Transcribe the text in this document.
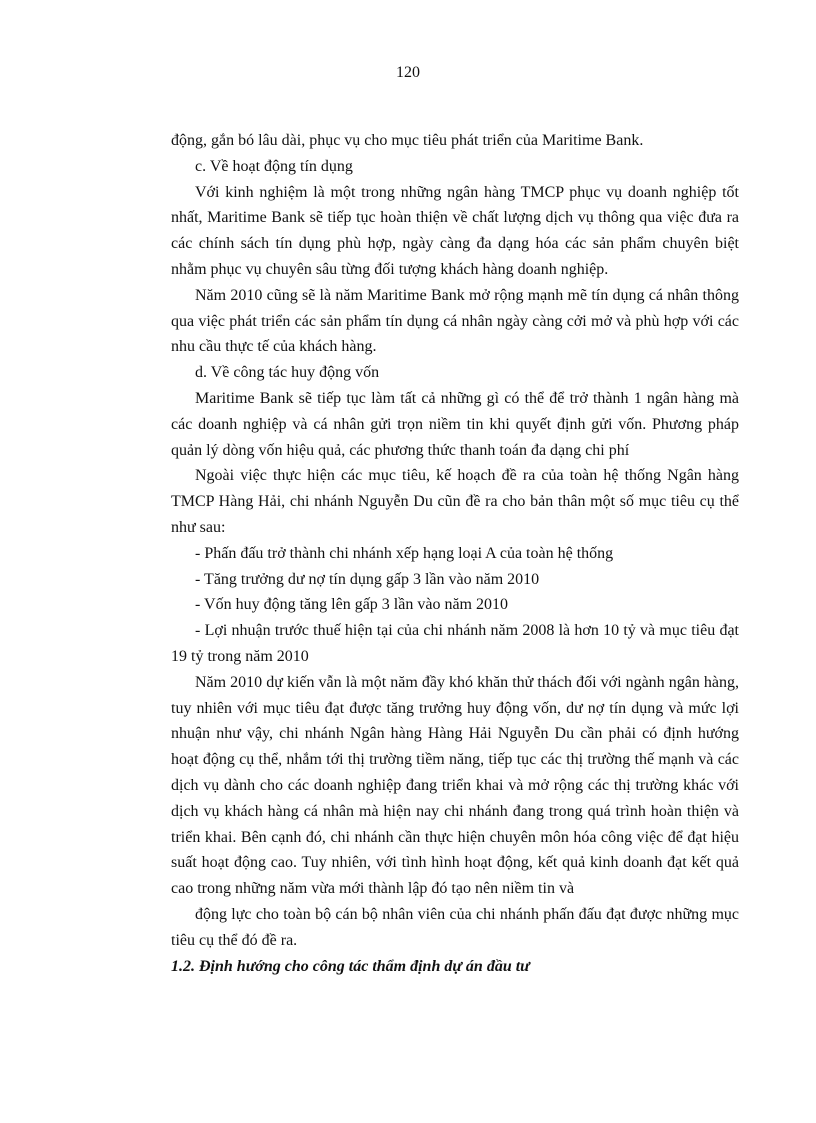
120

động, gắn bó lâu dài, phục vụ cho mục tiêu phát triển của Maritime Bank.

c. Về hoạt động tín dụng

Với kinh nghiệm là một trong những ngân hàng TMCP phục vụ doanh nghiệp tốt nhất, Maritime Bank sẽ tiếp tục hoàn thiện về chất lượng dịch vụ thông qua việc đưa ra các chính sách tín dụng phù hợp, ngày càng đa dạng hóa các sản phẩm chuyên biệt nhằm phục vụ chuyên sâu từng đối tượng khách hàng doanh nghiệp.

Năm 2010 cũng sẽ là năm Maritime Bank mở rộng mạnh mẽ tín dụng cá nhân thông qua việc phát triển các sản phẩm tín dụng cá nhân ngày càng cởi mở và phù hợp với các nhu cầu thực tế của khách hàng.

d. Về công tác huy động vốn

Maritime Bank sẽ tiếp tục làm tất cả những gì có thể để trở thành 1 ngân hàng mà các doanh nghiệp và cá nhân gửi trọn niềm tin khi quyết định gửi vốn. Phương pháp quản lý dòng vốn hiệu quả, các phương thức thanh toán đa dạng chi phí

Ngoài việc thực hiện các mục tiêu, kế hoạch đề ra của toàn hệ thống Ngân hàng TMCP Hàng Hải, chi nhánh Nguyễn Du cũn đề ra cho bản thân một số mục tiêu cụ thể như sau:

- Phấn đấu trở thành chi nhánh xếp hạng loại A của toàn hệ thống

- Tăng trưởng dư nợ tín dụng gấp 3 lần vào năm 2010

- Vốn huy động tăng lên gấp 3 lần vào năm 2010

- Lợi nhuận trước thuế hiện tại của chi nhánh năm 2008 là hơn 10 tỷ và mục tiêu đạt 19 tỷ trong năm 2010

Năm 2010 dự kiến vẫn là một năm đầy khó khăn thử thách đối với ngành ngân hàng, tuy nhiên với mục tiêu đạt được tăng trưởng huy động vốn, dư nợ tín dụng và mức lợi nhuận như vậy, chi nhánh Ngân hàng Hàng Hải Nguyễn Du cần phải có định hướng hoạt động cụ thể, nhắm tới thị trường tiềm năng, tiếp tục các thị trường thế mạnh và các dịch vụ dành cho các doanh nghiệp đang triển khai và mở rộng các thị trường khác với dịch vụ khách hàng cá nhân mà hiện nay chi nhánh đang trong quá trình hoàn thiện và triển khai. Bên cạnh đó, chi nhánh cần thực hiện chuyên môn hóa công việc để đạt hiệu suất hoạt động cao. Tuy nhiên, với tình hình hoạt động, kết quả kinh doanh đạt kết quả cao trong những năm vừa mới thành lập đó tạo nên niềm tin và

động lực cho toàn bộ cán bộ nhân viên của chi nhánh phấn đấu đạt được những mục tiêu cụ thể đó đề ra.

1.2. Định hướng cho công tác thẩm định dự án đầu tư
